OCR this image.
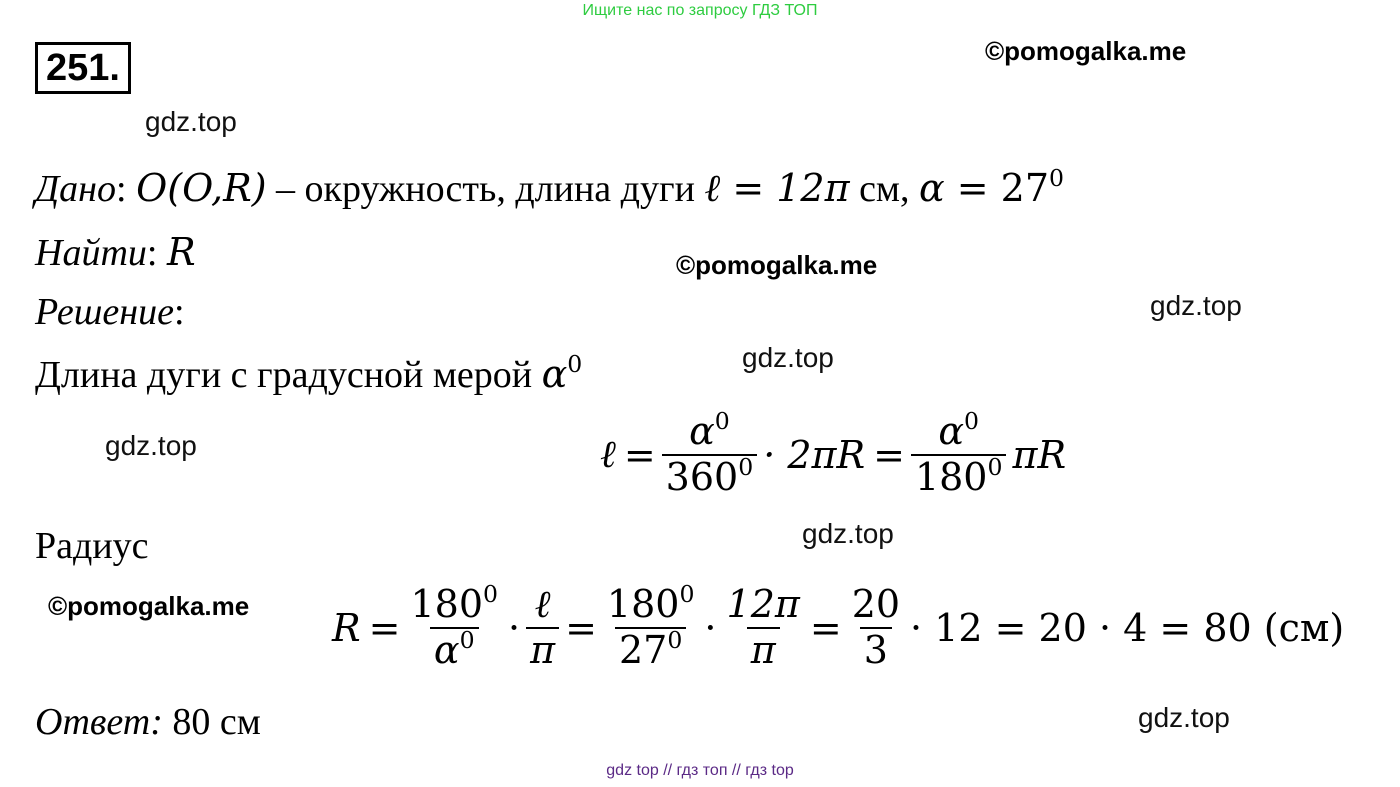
Ищите нас по запросу ГДЗ ТОП
251.	©pomogalka.me
gdz.top
Дано: O(O,R) – окружность, длина дуги ℓ = 12π см, $\alpha = 27^0$
Найти: R	©pomogalka.me
Решение:	gdz.top
gdz.top
Длина дуги с градусной мерой $\alpha^0$
gdz.top	ℓ = $\frac{\alpha^0}{360^0} \cdot 2\pi R = \frac{\alpha^0}{180^0}$ πR
Радиус	gdz.top
©pomogalka.me $R = \frac{180^0}{\alpha^0} \cdot \frac{\text{ℓ}}{\pi} = \frac{180^0}{27^0} \cdot \frac{12\pi}{\pi} = \frac{20}{3} \cdot 12 = 20 \cdot 4 = 80$ (см)
Ответ: 80 см	gdz.top
gdz top // гдз топ // гдз top
